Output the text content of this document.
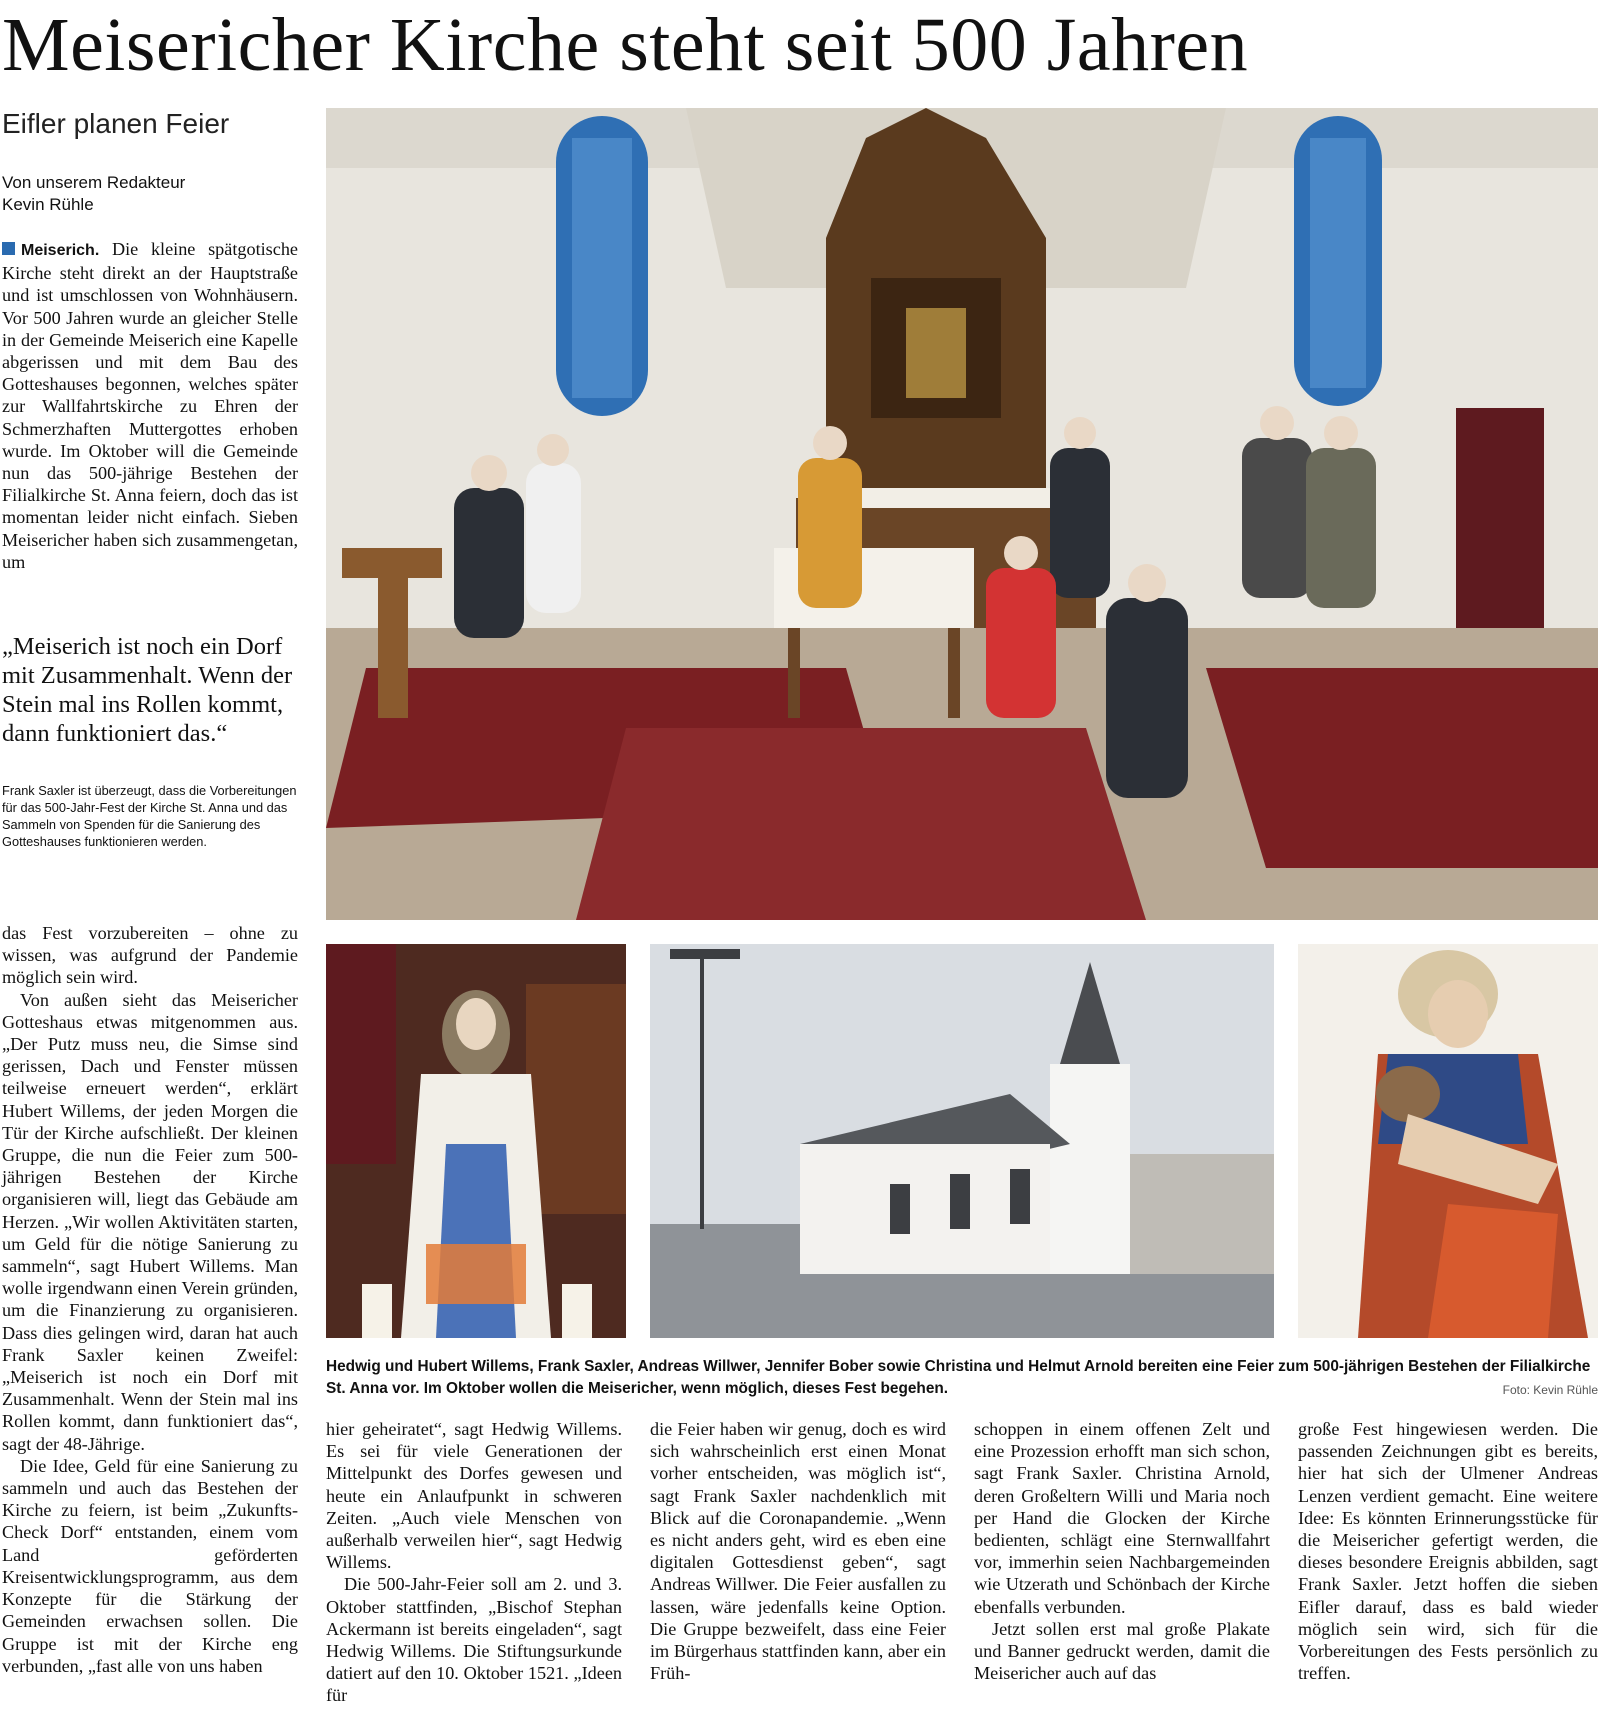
Meisericher Kirche steht seit 500 Jahren
Eifler planen Feier
Von unserem Redakteur
Kevin Rühle

Meiserich. Die kleine spätgotische Kirche steht direkt an der Hauptstraße und ist umschlossen von Wohnhäusern. Vor 500 Jahren wurde an gleicher Stelle in der Gemeinde Meiserich eine Kapelle abgerissen und mit dem Bau des Gotteshauses begonnen, welches später zur Wallfahrtskirche zu Ehren der Schmerzhaften Muttergottes erhoben wurde. Im Oktober will die Gemeinde nun das 500-jährige Bestehen der Filialkirche St. Anna feiern, doch das ist momentan leider nicht einfach. Sieben Meisericher haben sich zusammengetan, um

„Meiserich ist noch ein Dorf mit Zusammenhalt. Wenn der Stein mal ins Rollen kommt, dann funktioniert das.“
Frank Saxler ist überzeugt, dass die Vorbereitungen für das 500-Jahr-Fest der Kirche St. Anna und das Sammeln von Spenden für die Sanierung des Gotteshauses funktionieren werden.

das Fest vorzubereiten – ohne zu wissen, was aufgrund der Pandemie möglich sein wird.

Von außen sieht das Meisericher Gotteshaus etwas mitgenommen aus. „Der Putz muss neu, die Simse sind gerissen, Dach und Fenster müssen teilweise erneuert werden“, erklärt Hubert Willems, der jeden Morgen die Tür der Kirche aufschließt. Der kleinen Gruppe, die nun die Feier zum 500-jährigen Bestehen der Kirche organisieren will, liegt das Gebäude am Herzen. „Wir wollen Aktivitäten starten, um Geld für die nötige Sanierung zu sammeln“, sagt Hubert Willems. Man wolle irgendwann einen Verein gründen, um die Finanzierung zu organisieren. Dass dies gelingen wird, daran hat auch Frank Saxler keinen Zweifel: „Meiserich ist noch ein Dorf mit Zusammenhalt. Wenn der Stein mal ins Rollen kommt, dann funktioniert das“, sagt der 48-Jährige.

Die Idee, Geld für eine Sanierung zu sammeln und auch das Bestehen der Kirche zu feiern, ist beim „Zukunfts-Check Dorf“ entstanden, einem vom Land geförderten Kreisentwicklungsprogramm, aus dem Konzepte für die Stärkung der Gemeinden erwachsen sollen. Die Gruppe ist mit der Kirche eng verbunden, „fast alle von uns haben

Hedwig und Hubert Willems, Frank Saxler, Andreas Willwer, Jennifer Bober sowie Christina und Helmut Arnold bereiten eine Feier zum 500-jährigen Bestehen der Filialkirche St. Anna vor. Im Oktober wollen die Meisericher, wenn möglich, dieses Fest begehen.	Foto: Kevin Rühle

hier geheiratet“, sagt Hedwig Willems. Es sei für viele Generationen der Mittelpunkt des Dorfes gewesen und heute ein Anlaufpunkt in schweren Zeiten. „Auch viele Menschen von außerhalb verweilen hier“, sagt Hedwig Willems.

Die 500-Jahr-Feier soll am 2. und 3. Oktober stattfinden, „Bischof Stephan Ackermann ist bereits eingeladen“, sagt Hedwig Willems. Die Stiftungsurkunde datiert auf den 10. Oktober 1521. „Ideen für

die Feier haben wir genug, doch es wird sich wahrscheinlich erst einen Monat vorher entscheiden, was möglich ist“, sagt Frank Saxler nachdenklich mit Blick auf die Coronapandemie. „Wenn es nicht anders geht, wird es eben eine digitalen Gottesdienst geben“, sagt Andreas Willwer. Die Feier ausfallen zu lassen, wäre jedenfalls keine Option. Die Gruppe bezweifelt, dass eine Feier im Bürgerhaus stattfinden kann, aber ein Früh-

schoppen in einem offenen Zelt und eine Prozession erhofft man sich schon, sagt Frank Saxler. Christina Arnold, deren Großeltern Willi und Maria noch per Hand die Glocken der Kirche bedienten, schlägt eine Sternwallfahrt vor, immerhin seien Nachbargemeinden wie Utzerath und Schönbach der Kirche ebenfalls verbunden.

Jetzt sollen erst mal große Plakate und Banner gedruckt werden, damit die Meisericher auch auf das

große Fest hingewiesen werden. Die passenden Zeichnungen gibt es bereits, hier hat sich der Ulmener Andreas Lenzen verdient gemacht. Eine weitere Idee: Es könnten Erinnerungsstücke für die Meisericher gefertigt werden, die dieses besondere Ereignis abbilden, sagt Frank Saxler. Jetzt hoffen die sieben Eifler darauf, dass es bald wieder möglich sein wird, sich für die Vorbereitungen des Fests persönlich zu treffen.
